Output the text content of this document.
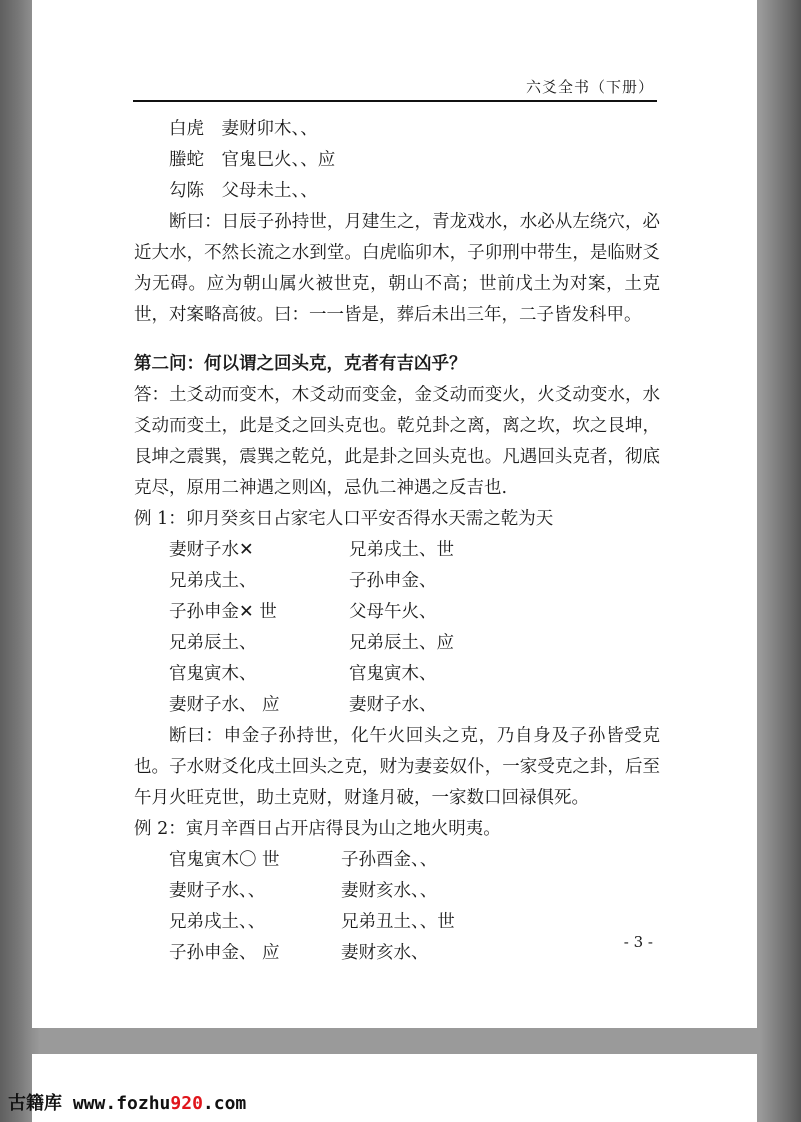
六爻全书（下册）
白虎　妻财卯木、、
螣蛇　官鬼巳火、、应
勾陈　父母未土、、
断曰：日辰子孙持世，月建生之，青龙戏水，水必从左绕穴，必近大水，不然长流之水到堂。白虎临卯木，子卯刑中带生，是临财爻为无碍。应为朝山属火被世克，朝山不高；世前戊土为对案，土克世，对案略高彼。曰：一一皆是，葬后未出三年，二子皆发科甲。
第二问：何以谓之回头克，克者有吉凶乎？
答：土爻动而变木，木爻动而变金，金爻动而变火，火爻动变水，水爻动而变土，此是爻之回头克也。乾兑卦之离，离之坎，坎之艮坤，艮坤之震巽，震巽之乾兑，此是卦之回头克也。凡遇回头克者，彻底克尽，原用二神遇之则凶，忌仇二神遇之反吉也.
例 1：卯月癸亥日占家宅人口平安否得水天需之乾为天
妻财子水✕	兄弟戌土、世
兄弟戌土、	子孙申金、
子孙申金✕ 世	父母午火、
兄弟辰土、	兄弟辰土、应
官鬼寅木、	官鬼寅木、
妻财子水、 应	妻财子水、
断曰：申金子孙持世，化午火回头之克，乃自身及子孙皆受克也。子水财爻化戌土回头之克，财为妻妾奴仆，一家受克之卦，后至午月火旺克世，助土克财，财逢月破，一家数口回禄俱死。
例 2：寅月辛酉日占开店得艮为山之地火明夷。
官鬼寅木〇 世	子孙酉金、、
妻财子水、、	妻财亥水、、
兄弟戌土、、	兄弟丑土、、世
子孙申金、 应	妻财亥水、
- 3 -
古籍库 www.fozhu920.com
